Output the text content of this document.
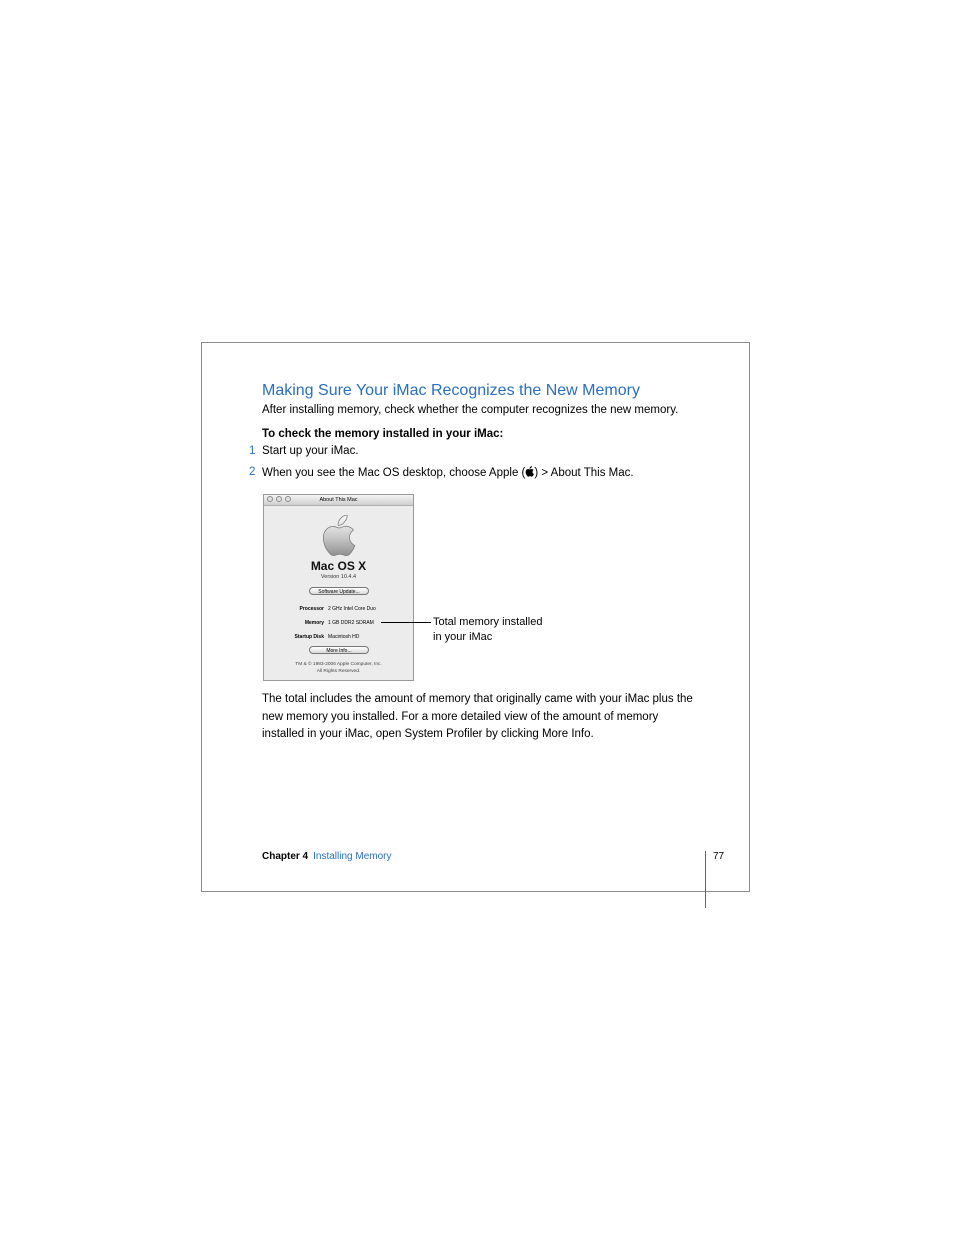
Making Sure Your iMac Recognizes the New Memory
After installing memory, check whether the computer recognizes the new memory.
To check the memory installed in your iMac:
1 Start up your iMac.
2 When you see the Mac OS desktop, choose Apple ( ) > About This Mac.
About This Mac
Mac OS X
Version 10.4.4
Software Update...
Processor 2 GHz Intel Core Duo
Memory 1 GB DDR2 SDRAM
Startup Disk Macintosh HD
More Info...
TM & © 1983-2006 Apple Computer, Inc.
All Rights Reserved.
Total memory installed
in your iMac

The total includes the amount of memory that originally came with your iMac plus the
new memory you installed. For a more detailed view of the amount of memory
installed in your iMac, open System Profiler by clicking More Info.

Chapter 4 Installing Memory	77
